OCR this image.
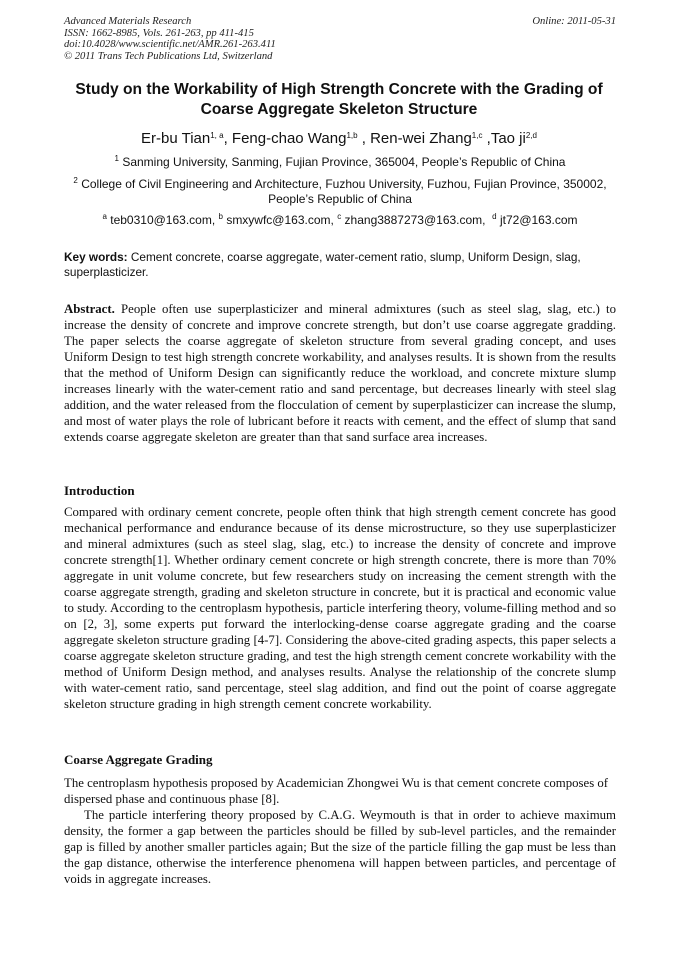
Advanced Materials Research
ISSN: 1662-8985, Vols. 261-263, pp 411-415
doi:10.4028/www.scientific.net/AMR.261-263.411
© 2011 Trans Tech Publications Ltd, Switzerland
Online: 2011-05-31
Study on the Workability of High Strength Concrete with the Grading of Coarse Aggregate Skeleton Structure
Er-bu Tian$^{1, a}$, Feng-chao Wang$^{1,b}$ , Ren-wei Zhang$^{1,c}$ ,Tao ji$^{2,d}$
$^1$ Sanming University, Sanming, Fujian Province, 365004, People’s Republic of China
$^2$ College of Civil Engineering and Architecture, Fuzhou University, Fuzhou, Fujian Province, 350002, People’s Republic of China
$^a$ teb0310@163.com, $^b$ smxywfc@163.com, $^c$ zhang3887273@163.com, $^d$ jt72@163.com
Key words: Cement concrete, coarse aggregate, water-cement ratio, slump, Uniform Design, slag, superplasticizer.
Abstract. People often use superplasticizer and mineral admixtures (such as steel slag, slag, etc.) to increase the density of concrete and improve concrete strength, but don’t use coarse aggregate gradding. The paper selects the coarse aggregate of skeleton structure from several grading concept, and uses Uniform Design to test high strength concrete workability, and analyses results. It is shown from the results that the method of Uniform Design can significantly reduce the workload, and concrete mixture slump increases linearly with the water-cement ratio and sand percentage, but decreases linearly with steel slag addition, and the water released from the flocculation of cement by superplasticizer can increase the slump, and most of water plays the role of lubricant before it reacts with cement, and the effect of slump that sand extends coarse aggregate skeleton are greater than that sand surface area increases.
Introduction
Compared with ordinary cement concrete, people often think that high strength cement concrete has good mechanical performance and endurance because of its dense microstructure, so they use superplasticizer and mineral admixtures (such as steel slag, slag, etc.) to increase the density of concrete and improve concrete strength[1]. Whether ordinary cement concrete or high strength concrete, there is more than 70% aggregate in unit volume concrete, but few researchers study on increasing the cement strength with the coarse aggregate strength, grading and skeleton structure in concrete, but it is practical and economic value to study. According to the centroplasm hypothesis, particle interfering theory, volume-filling method and so on [2, 3], some experts put forward the interlocking-dense coarse aggregate grading and the coarse aggregate skeleton structure grading [4-7]. Considering the above-cited grading aspects, this paper selects a coarse aggregate skeleton structure grading, and test the high strength cement concrete workability with the method of Uniform Design method, and analyses results. Analyse the relationship of the concrete slump with water-cement ratio, sand percentage, steel slag addition, and find out the point of coarse aggregate skeleton structure grading in high strength cement concrete workability.
Coarse Aggregate Grading
The centroplasm hypothesis proposed by Academician Zhongwei Wu is that cement concrete composes of dispersed phase and continuous phase [8].
The particle interfering theory proposed by C.A.G. Weymouth is that in order to achieve maximum density, the former a gap between the particles should be filled by sub-level particles, and the remainder gap is filled by another smaller particles again; But the size of the particle filling the gap must be less than the gap distance, otherwise the interference phenomena will happen between particles, and percentage of voids in aggregate increases.
